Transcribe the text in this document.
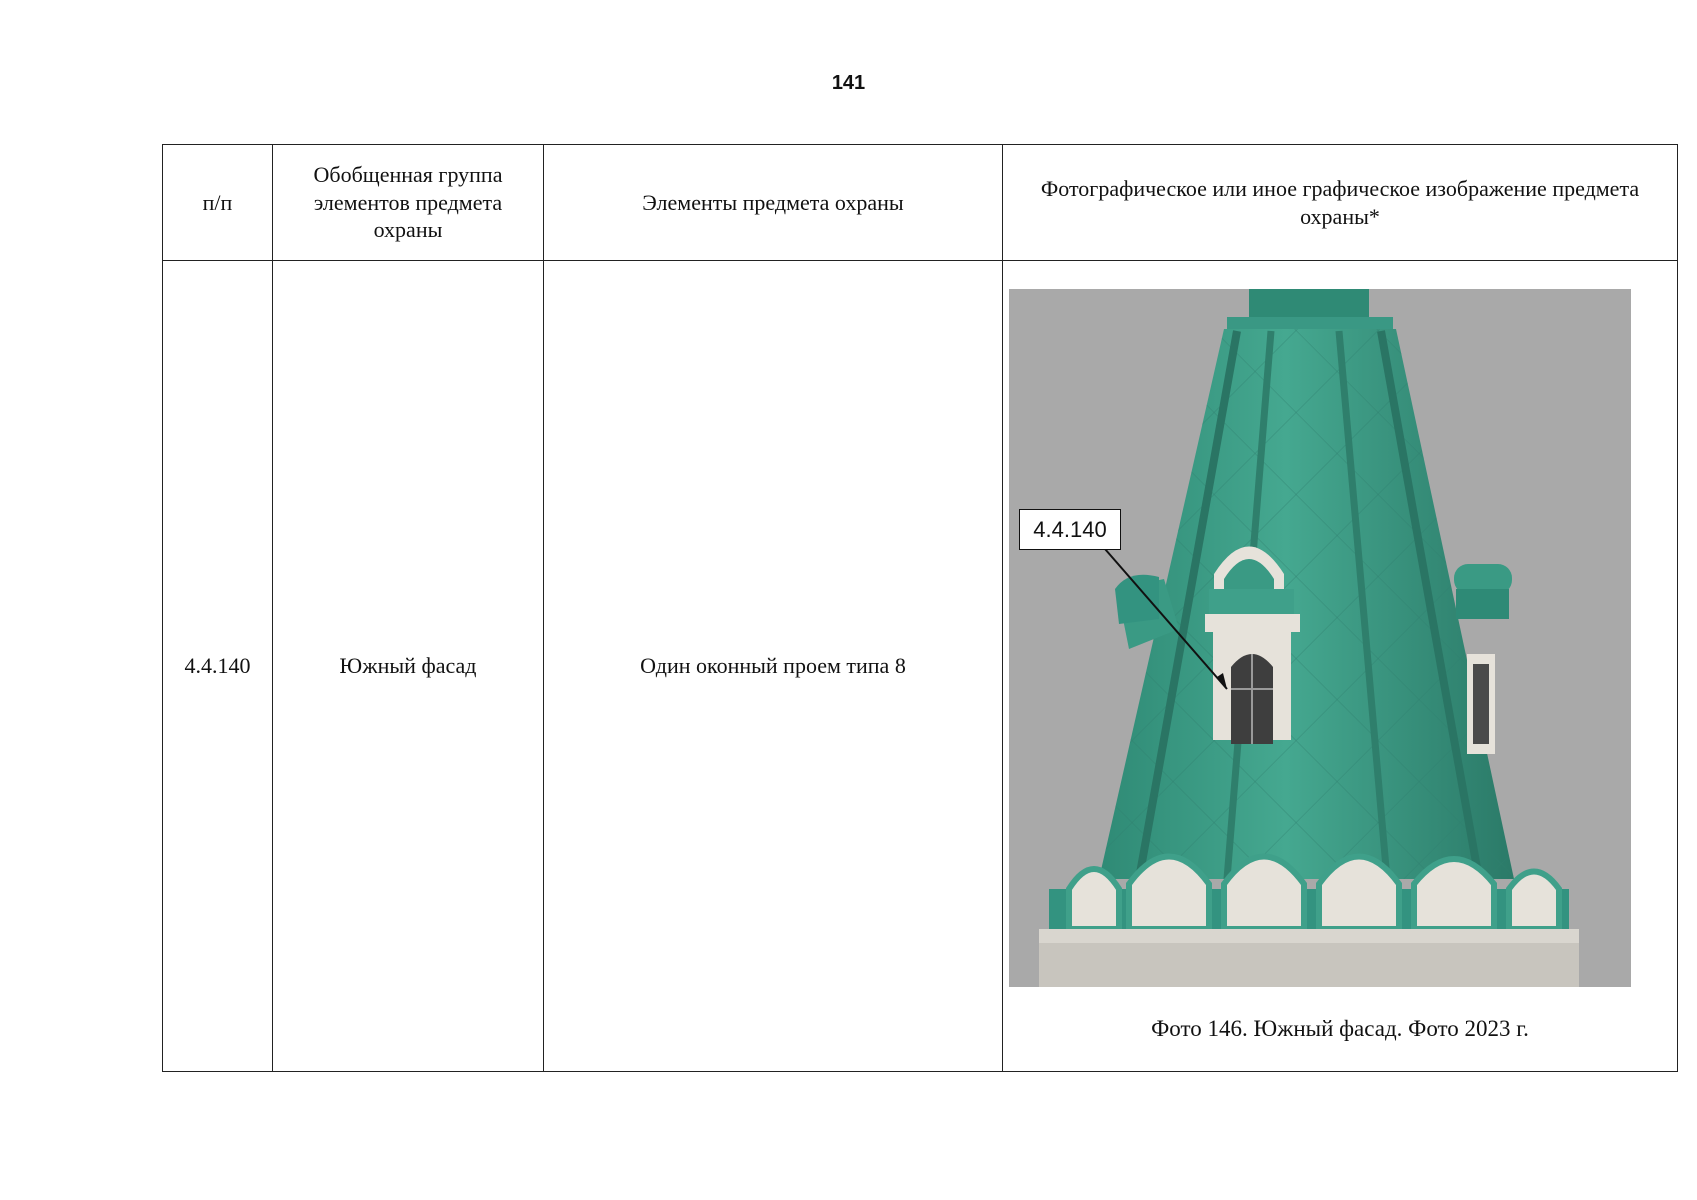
141
п/п	Обобщенная группа элементов предмета охраны	Элементы предмета охраны	Фотографическое или иное графическое изображение предмета охраны*
4.4.140	Южный фасад	Один оконный проем типа 8	4.4.140
Фото 146. Южный фасад. Фото 2023 г.
